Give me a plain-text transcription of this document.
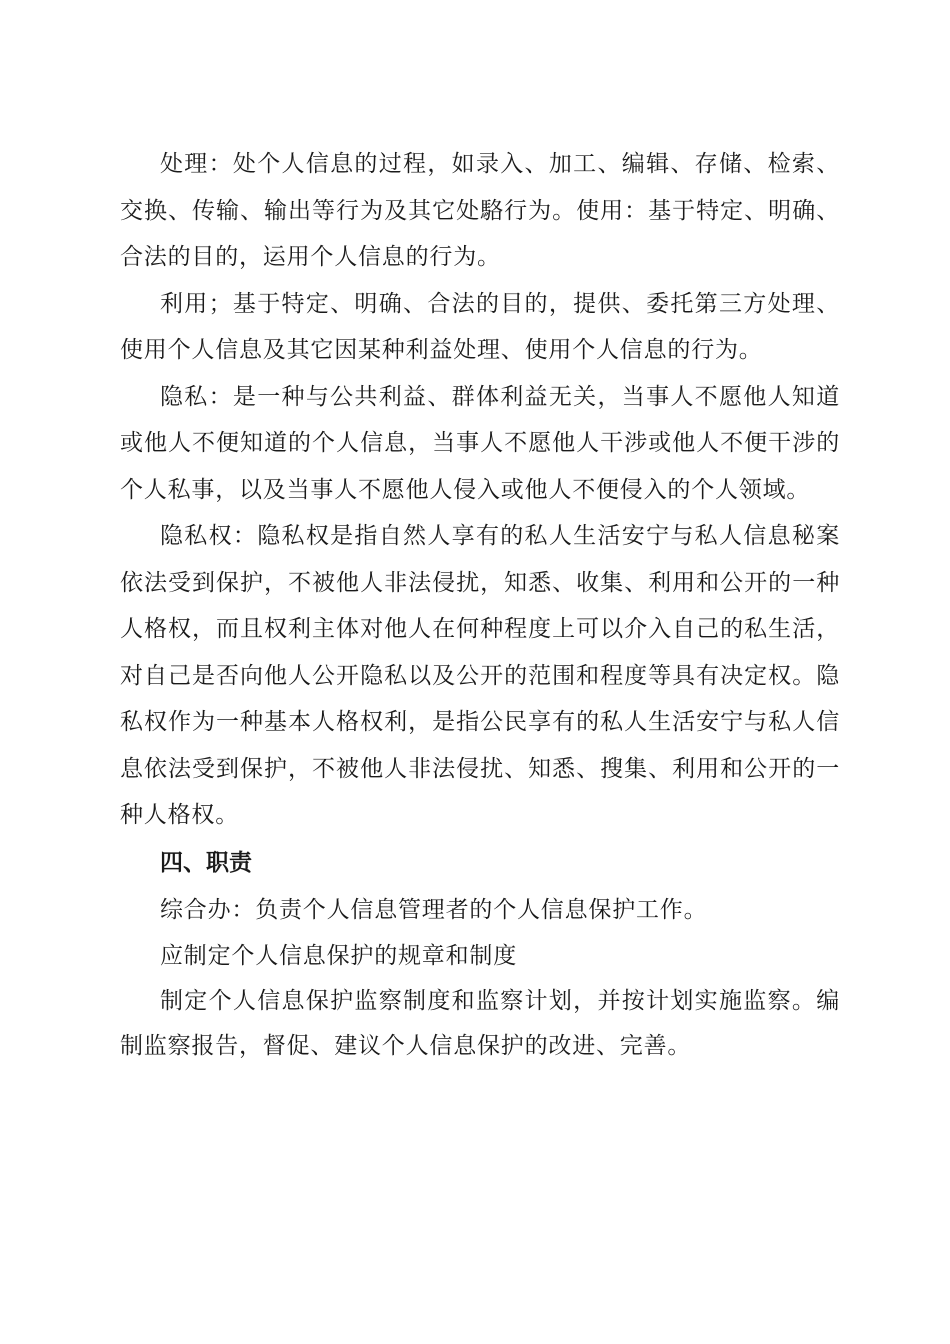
处理：处个人信息的过程，如录入、加工、编辑、存储、检索、交换、传输、输出等行为及其它处駱行为。使用：基于特定、明确、合法的目的，运用个人信息的行为。

利用；基于特定、明确、合法的目的，提供、委托第三方处理、使用个人信息及其它因某种利益处理、使用个人信息的行为。

隐私：是一种与公共利益、群体利益无关，当事人不愿他人知道或他人不便知道的个人信息，当事人不愿他人干涉或他人不便干涉的个人私事，以及当事人不愿他人侵入或他人不便侵入的个人领域。

隐私权：隐私权是指自然人享有的私人生活安宁与私人信息秘案依法受到保护，不被他人非法侵扰，知悉、收集、利用和公开的一种人格权，而且权利主体对他人在何种程度上可以介入自己的私生活，对自己是否向他人公开隐私以及公开的范围和程度等具有决定权。隐私权作为一种基本人格权利，是指公民享有的私人生活安宁与私人信息依法受到保护，不被他人非法侵扰、知悉、搜集、利用和公开的一种人格权。

四、职责

综合办：负责个人信息管理者的个人信息保护工作。

应制定个人信息保护的规章和制度

制定个人信息保护监察制度和监察计划，并按计划实施监察。编制监察报告，督促、建议个人信息保护的改进、完善。
